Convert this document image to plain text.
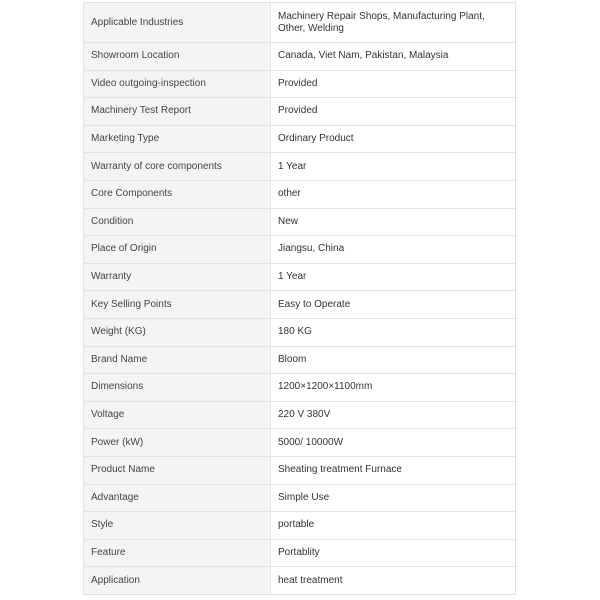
Applicable Industries	Machinery Repair Shops, Manufacturing Plant, Other, Welding
Showroom Location	Canada, Viet Nam, Pakistan, Malaysia
Video outgoing-inspection	Provided
Machinery Test Report	Provided
Marketing Type	Ordinary Product
Warranty of core components	1 Year
Core Components	other
Condition	New
Place of Origin	Jiangsu, China
Warranty	1 Year
Key Selling Points	Easy to Operate
Weight (KG)	180 KG
Brand Name	Bloom
Dimensions	1200×1200×1100mm
Voltage	220 V 380V
Power (kW)	5000/ 10000W
Product Name	Sheating treatment Furnace
Advantage	Simple Use
Style	portable
Feature	Portablity
Application	heat treatment
